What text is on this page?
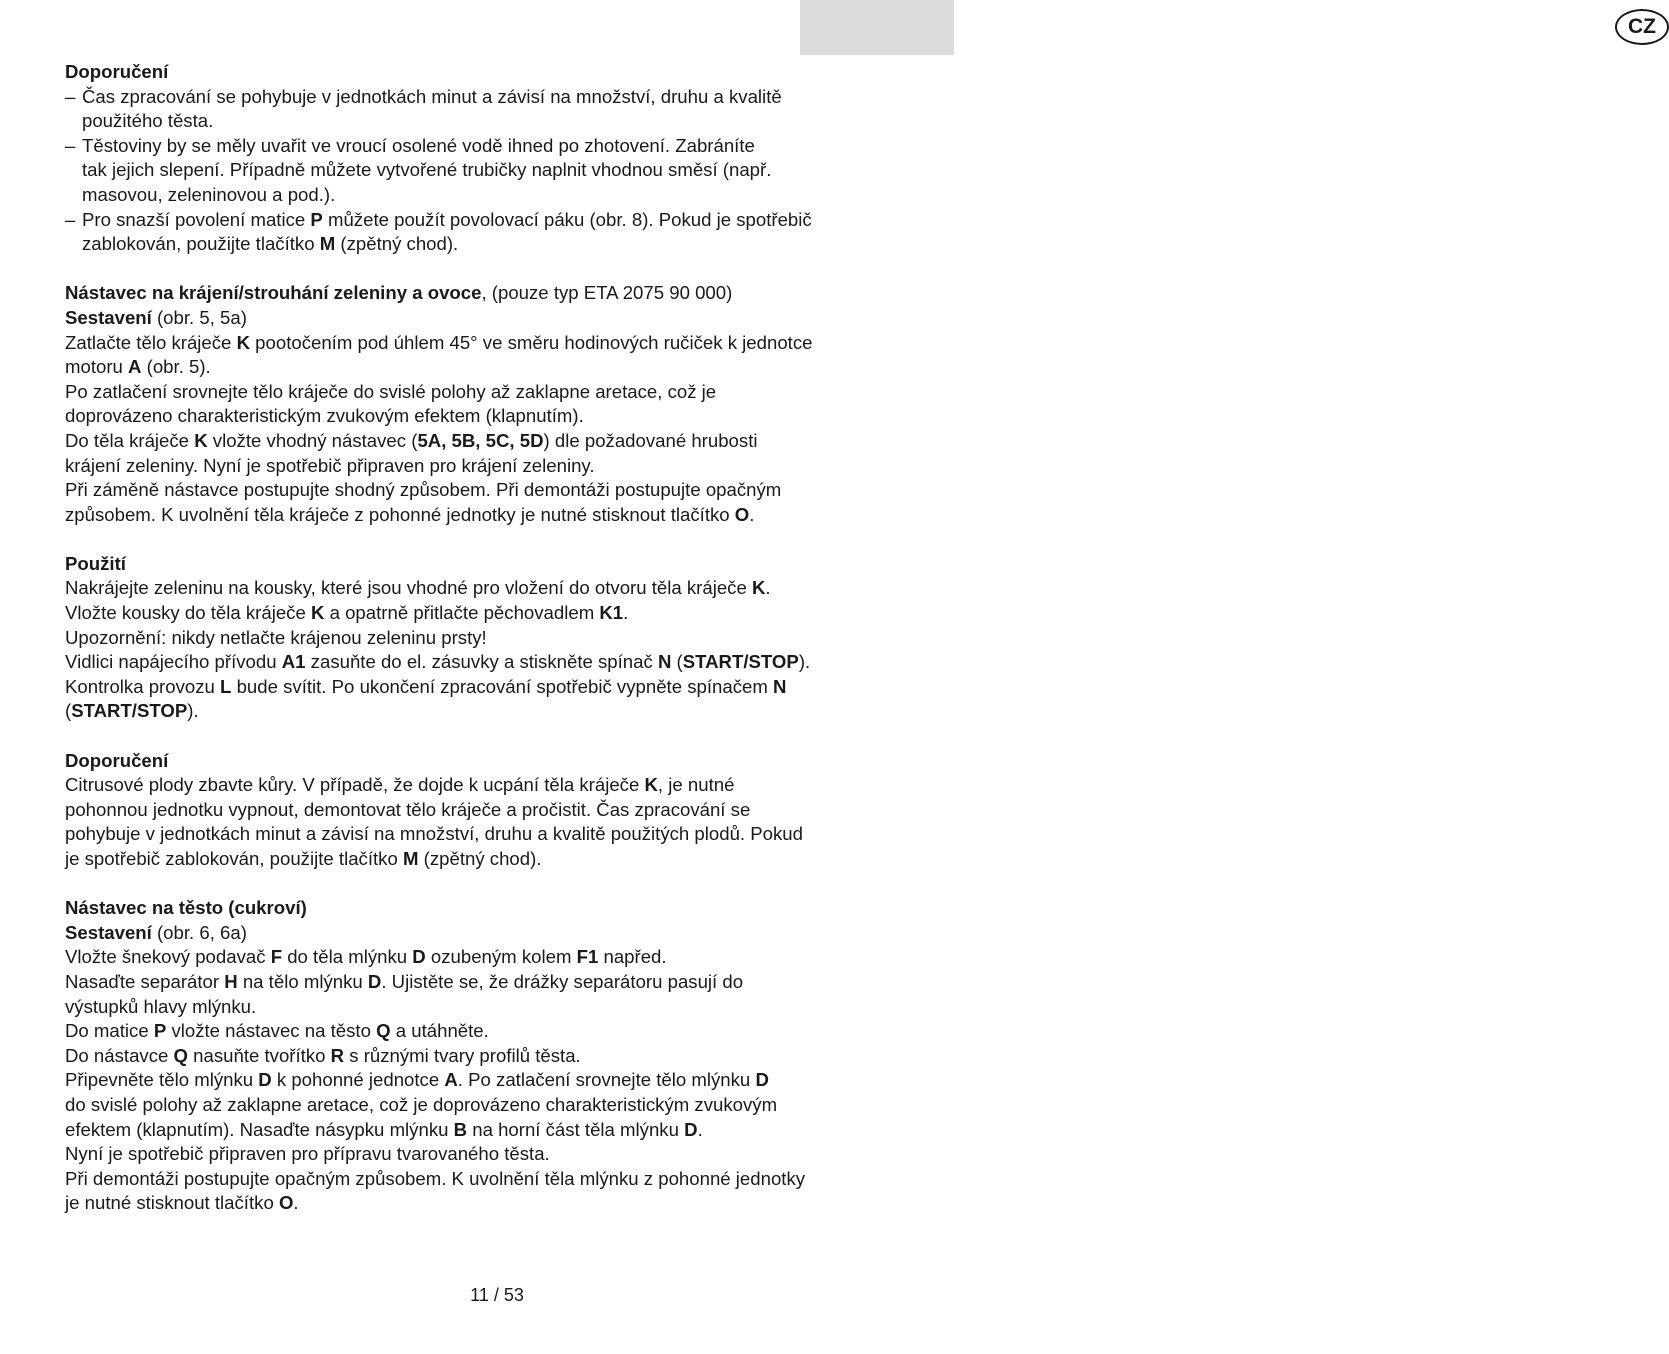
CZ
Doporučení
– Čas zpracování se pohybuje v jednotkách minut a závisí na množství, druhu a kvalitě
použitého těsta.
– Těstoviny by se měly uvařit ve vroucí osolené vodě ihned po zhotovení. Zabráníte
tak jejich slepení. Případně můžete vytvořené trubičky naplnit vhodnou směsí (např.
masovou, zeleninovou a pod.).
– Pro snazší povolení matice P můžete použít povolovací páku (obr. 8). Pokud je spotřebič
zablokován, použijte tlačítko M (zpětný chod).
Nástavec na krájení/strouhání zeleniny a ovoce, (pouze typ ETA 2075 90 000)
Sestavení (obr. 5, 5a)
Zatlačte tělo kráječe K pootočením pod úhlem 45° ve směru hodinových ručiček k jednotce
motoru A (obr. 5).
Po zatlačení srovnejte tělo kráječe do svislé polohy až zaklapne aretace, což je
doprovázeno charakteristickým zvukovým efektem (klapnutím).
Do těla kráječe K vložte vhodný nástavec (5A, 5B, 5C, 5D) dle požadované hrubosti
krájení zeleniny. Nyní je spotřebič připraven pro krájení zeleniny.
Při záměně nástavce postupujte shodný způsobem. Při demontáži postupujte opačným
způsobem. K uvolnění těla kráječe z pohonné jednotky je nutné stisknout tlačítko O.
Použití
Nakrájejte zeleninu na kousky, které jsou vhodné pro vložení do otvoru těla kráječe K.
Vložte kousky do těla kráječe K a opatrně přitlačte pěchovadlem K1.
Upozornění: nikdy netlačte krájenou zeleninu prsty!
Vidlici napájecího přívodu A1 zasuňte do el. zásuvky a stiskněte spínač N (START/STOP).
Kontrolka provozu L bude svítit. Po ukončení zpracování spotřebič vypněte spínačem N
(START/STOP).
Doporučení
Citrusové plody zbavte kůry. V případě, že dojde k ucpání těla kráječe K, je nutné
pohonnou jednotku vypnout, demontovat tělo kráječe a pročistit. Čas zpracování se
pohybuje v jednotkách minut a závisí na množství, druhu a kvalitě použitých plodů. Pokud
je spotřebič zablokován, použijte tlačítko M (zpětný chod).
Nástavec na těsto (cukroví)
Sestavení (obr. 6, 6a)
Vložte šnekový podavač F do těla mlýnku D ozubeným kolem F1 napřed.
Nasaďte separátor H na tělo mlýnku D. Ujistěte se, že drážky separátoru pasují do
výstupků hlavy mlýnku.
Do matice P vložte nástavec na těsto Q a utáhněte.
Do nástavce Q nasuňte tvořítko R s různými tvary profilů těsta.
Připevněte tělo mlýnku D k pohonné jednotce A. Po zatlačení srovnejte tělo mlýnku D
do svislé polohy až zaklapne aretace, což je doprovázeno charakteristickým zvukovým
efektem (klapnutím). Nasaďte násypku mlýnku B na horní část těla mlýnku D.
Nyní je spotřebič připraven pro přípravu tvarovaného těsta.
Při demontáži postupujte opačným způsobem. K uvolnění těla mlýnku z pohonné jednotky
je nutné stisknout tlačítko O.
11 / 53
